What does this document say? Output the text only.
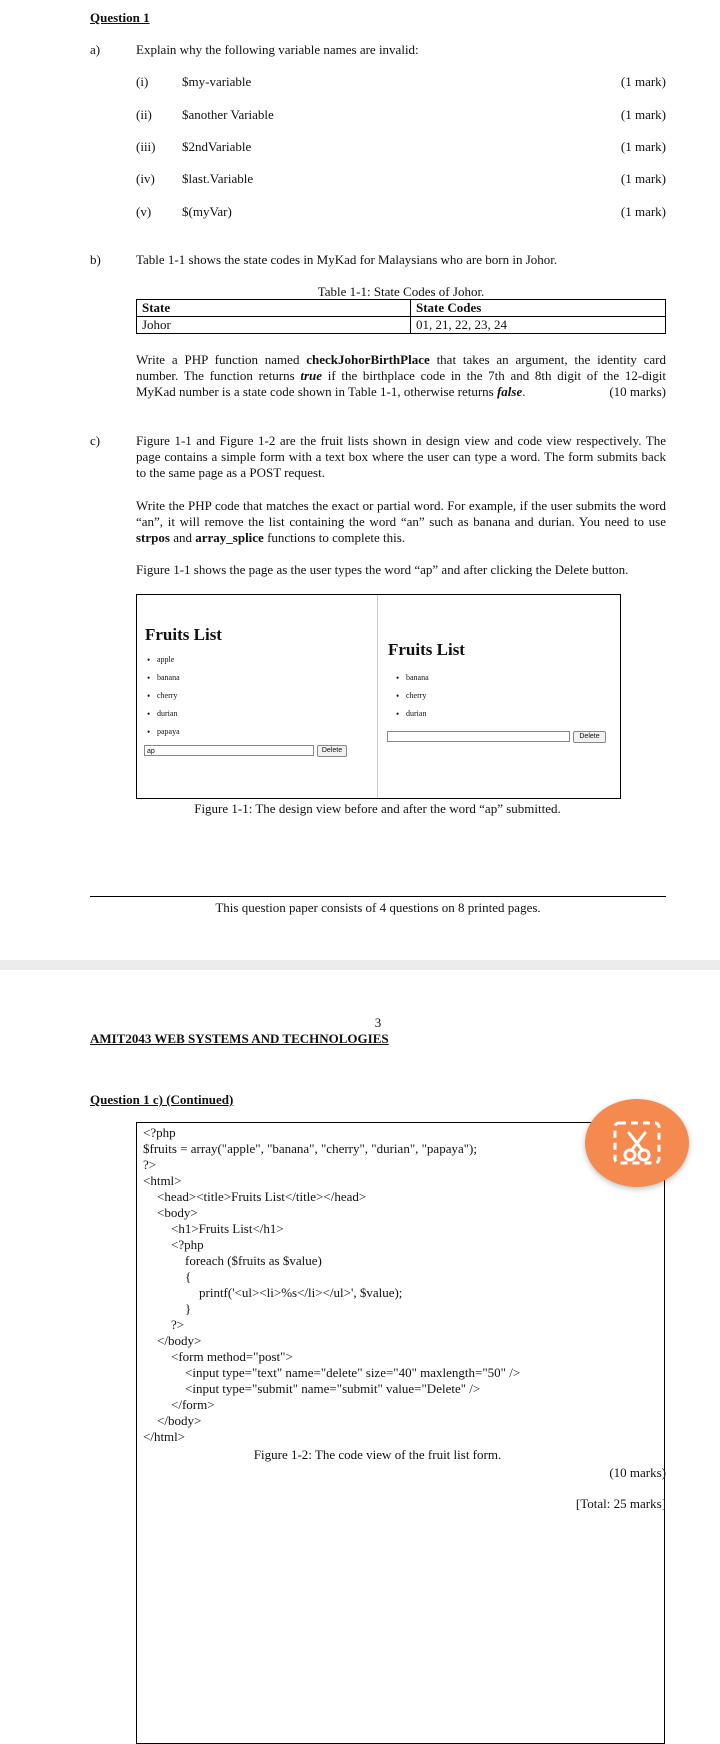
Question 1
a)	Explain why the following variable names are invalid:
(i)	$my-variable	(1 mark)
(ii) $another Variable	(1 mark)
(iii) $2ndVariable	(1 mark)
(iv) $last.Variable	(1 mark)
(v) $(myVar)	(1 mark)
b)	Table 1-1 shows the state codes in MyKad for Malaysians who are born in Johor.
Table 1-1: State Codes of Johor.
State	State Codes
Johor	01, 21, 22, 23, 24
Write a PHP function named checkJohorBirthPlace that takes an argument, the identity card number. The function returns true if the birthplace code in the 7th and 8th digit of the 12-digit MyKad number is a state code shown in Table 1-1, otherwise returns false.	(10 marks)
c)	Figure 1-1 and Figure 1-2 are the fruit lists shown in design view and code view respectively. The page contains a simple form with a text box where the user can type a word. The form submits back to the same page as a POST request.
Write the PHP code that matches the exact or partial word. For example, if the user submits the word “an”, it will remove the list containing the word “an” such as banana and durian. You need to use strpos and array_splice functions to complete this.
Figure 1-1 shows the page as the user types the word “ap” and after clicking the Delete button.
Fruits List
• apple
• banana
• cherry
• durian
• papaya
ap	Delete
Fruits List
• banana
• cherry
• durian
Delete
Figure 1-1: The design view before and after the word “ap” submitted.
This question paper consists of 4 questions on 8 printed pages.
3
AMIT2043 WEB SYSTEMS AND TECHNOLOGIES
Question 1 c) (Continued)
<?php
$fruits = array("apple", "banana", "cherry", "durian", "papaya");
?>
<html>
<head><title>Fruits List</title></head>
<body>
<h1>Fruits List</h1>
<?php
foreach ($fruits as $value)
{
printf('<ul><li>%s</li></ul>', $value);
}
?>
</body>
<form method="post">
<input type="text" name="delete" size="40" maxlength="50" />
<input type="submit" name="submit" value="Delete" />
</form>
</body>
</html>
Figure 1-2: The code view of the fruit list form.
(10 marks)
[Total: 25 marks]
